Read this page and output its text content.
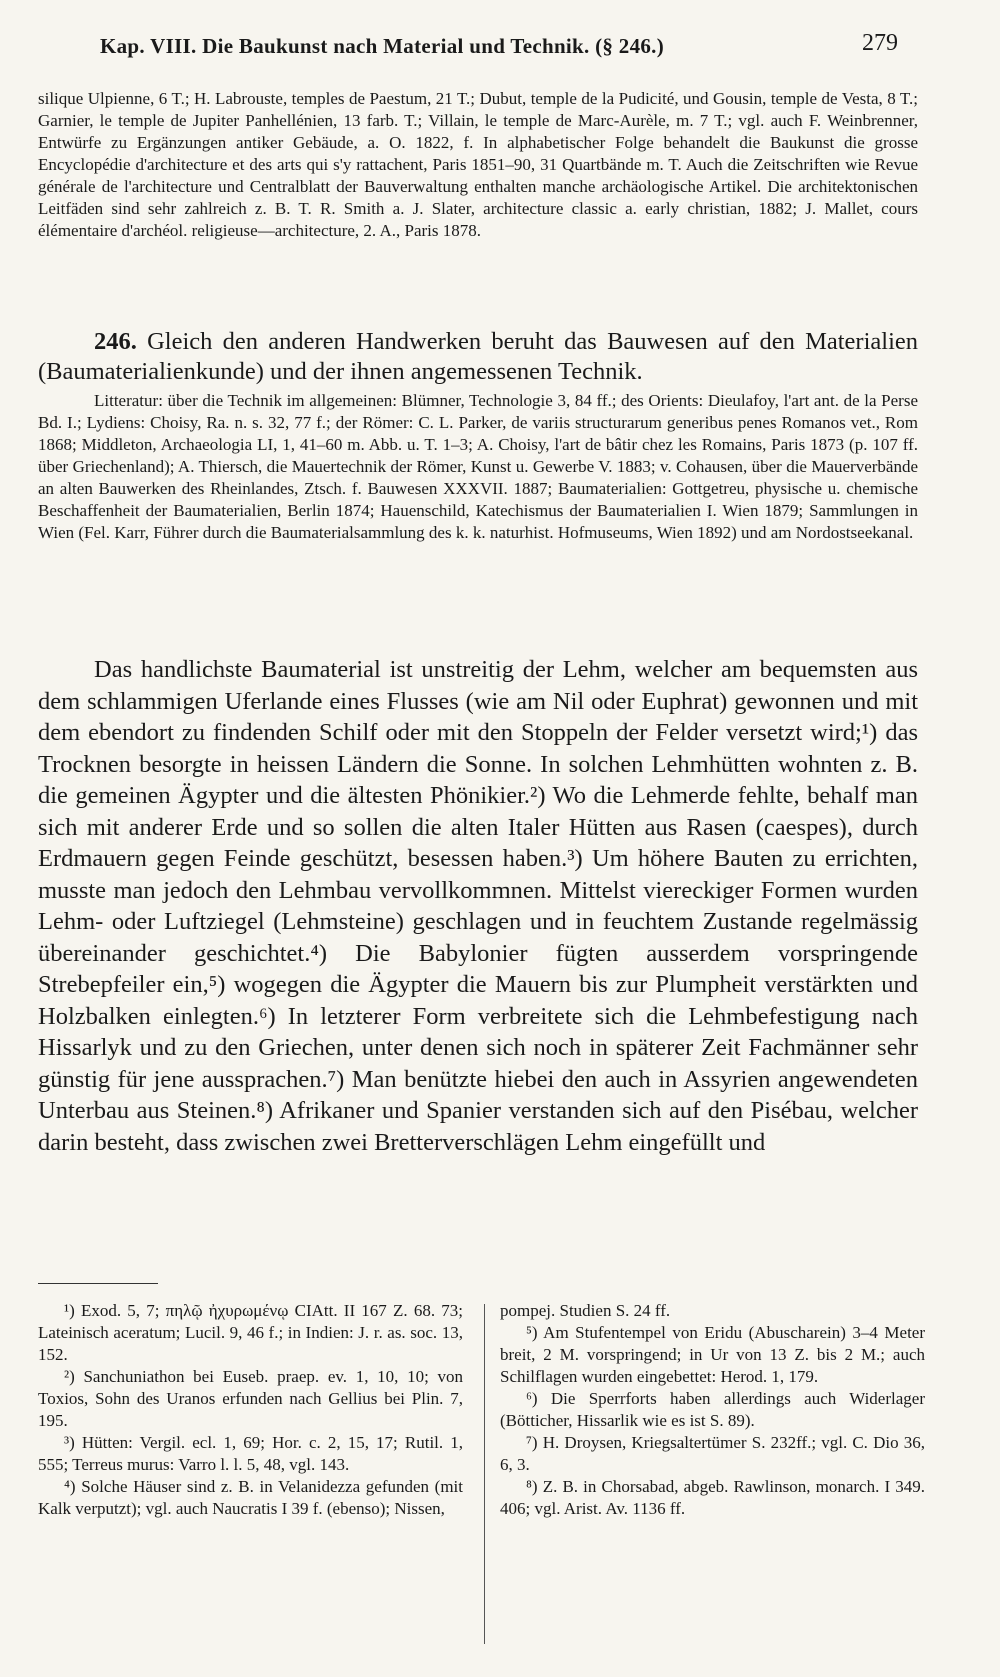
Kap. VIII. Die Baukunst nach Material und Technik. (§ 246.)	279

silique Ulpienne, 6 T.; H. Labrouste, temples de Paestum, 21 T.; Dubut, temple de la Pudicité, und Gousin, temple de Vesta, 8 T.; Garnier, le temple de Jupiter Panhellénien, 13 farb. T.; Villain, le temple de Marc-Aurèle, m. 7 T.; vgl. auch F. Weinbrenner, Entwürfe zu Ergänzungen antiker Gebäude, a. O. 1822, f. In alphabetischer Folge behandelt die Baukunst die grosse Encyclopédie d'architecture et des arts qui s'y rattachent, Paris 1851–90, 31 Quartbände m. T. Auch die Zeitschriften wie Revue générale de l'architecture und Centralblatt der Bauverwaltung enthalten manche archäologische Artikel. Die architektonischen Leitfäden sind sehr zahlreich z. B. T. R. Smith a. J. Slater, architecture classic a. early christian, 1882; J. Mallet, cours élémentaire d'archéol. religieuse—architecture, 2. A., Paris 1878.

246. Gleich den anderen Handwerken beruht das Bauwesen auf den Materialien (Baumaterialienkunde) und der ihnen angemessenen Technik.

Litteratur: über die Technik im allgemeinen: Blümner, Technologie 3, 84 ff.; des Orients: Dieulafoy, l'art ant. de la Perse Bd. I.; Lydiens: Choisy, Ra. n. s. 32, 77 f.; der Römer: C. L. Parker, de variis structurarum generibus penes Romanos vet., Rom 1868; Middleton, Archaeologia LI, 1, 41–60 m. Abb. u. T. 1–3; A. Choisy, l'art de bâtir chez les Romains, Paris 1873 (p. 107 ff. über Griechenland); A. Thiersch, die Mauertechnik der Römer, Kunst u. Gewerbe V. 1883; v. Cohausen, über die Mauerverbände an alten Bauwerken des Rheinlandes, Ztsch. f. Bauwesen XXXVII. 1887; Baumaterialien: Gottgetreu, physische u. chemische Beschaffenheit der Baumaterialien, Berlin 1874; Hauenschild, Katechismus der Baumaterialien I. Wien 1879; Sammlungen in Wien (Fel. Karr, Führer durch die Baumaterialsammlung des k. k. naturhist. Hofmuseums, Wien 1892) und am Nordostseekanal.

Das handlichste Baumaterial ist unstreitig der Lehm, welcher am bequemsten aus dem schlammigen Uferlande eines Flusses (wie am Nil oder Euphrat) gewonnen und mit dem ebendort zu findenden Schilf oder mit den Stoppeln der Felder versetzt wird;¹) das Trocknen besorgte in heissen Ländern die Sonne. In solchen Lehmhütten wohnten z. B. die gemeinen Ägypter und die ältesten Phönikier.²) Wo die Lehmerde fehlte, behalf man sich mit anderer Erde und so sollen die alten Italer Hütten aus Rasen (caespes), durch Erdmauern gegen Feinde geschützt, besessen haben.³) Um höhere Bauten zu errichten, musste man jedoch den Lehmbau vervollkommnen. Mittelst viereckiger Formen wurden Lehm- oder Luftziegel (Lehmsteine) geschlagen und in feuchtem Zustande regelmässig übereinander geschichtet.⁴) Die Babylonier fügten ausserdem vorspringende Strebepfeiler ein,⁵) wogegen die Ägypter die Mauern bis zur Plumpheit verstärkten und Holzbalken einlegten.⁶) In letzterer Form verbreitete sich die Lehmbefestigung nach Hissarlyk und zu den Griechen, unter denen sich noch in späterer Zeit Fachmänner sehr günstig für jene aussprachen.⁷) Man benützte hiebei den auch in Assyrien angewendeten Unterbau aus Steinen.⁸) Afrikaner und Spanier verstanden sich auf den Pisébau, welcher darin besteht, dass zwischen zwei Bretterverschlägen Lehm eingefüllt und

¹) Exod. 5, 7; πηλῷ ἠχυρωμένῳ CIAtt. II 167 Z. 68. 73; Lateinisch aceratum; Lucil. 9, 46 f.; in Indien: J. r. as. soc. 13, 152.

²) Sanchuniathon bei Euseb. praep. ev. 1, 10, 10; von Toxios, Sohn des Uranos erfunden nach Gellius bei Plin. 7, 195.

³) Hütten: Vergil. ecl. 1, 69; Hor. c. 2, 15, 17; Rutil. 1, 555; Terreus murus: Varro l. l. 5, 48, vgl. 143.

⁴) Solche Häuser sind z. B. in Velanidezza gefunden (mit Kalk verputzt); vgl. auch Naucratis I 39 f. (ebenso); Nissen,

pompej. Studien S. 24 ff.

⁵) Am Stufentempel von Eridu (Abuscharein) 3–4 Meter breit, 2 M. vorspringend; in Ur von 13 Z. bis 2 M.; auch Schilflagen wurden eingebettet: Herod. 1, 179.

⁶) Die Sperrforts haben allerdings auch Widerlager (Bötticher, Hissarlik wie es ist S. 89).

⁷) H. Droysen, Kriegsaltertümer S. 232ff.; vgl. C. Dio 36, 6, 3.

⁸) Z. B. in Chorsabad, abgeb. Rawlinson, monarch. I 349. 406; vgl. Arist. Av. 1136 ff.
